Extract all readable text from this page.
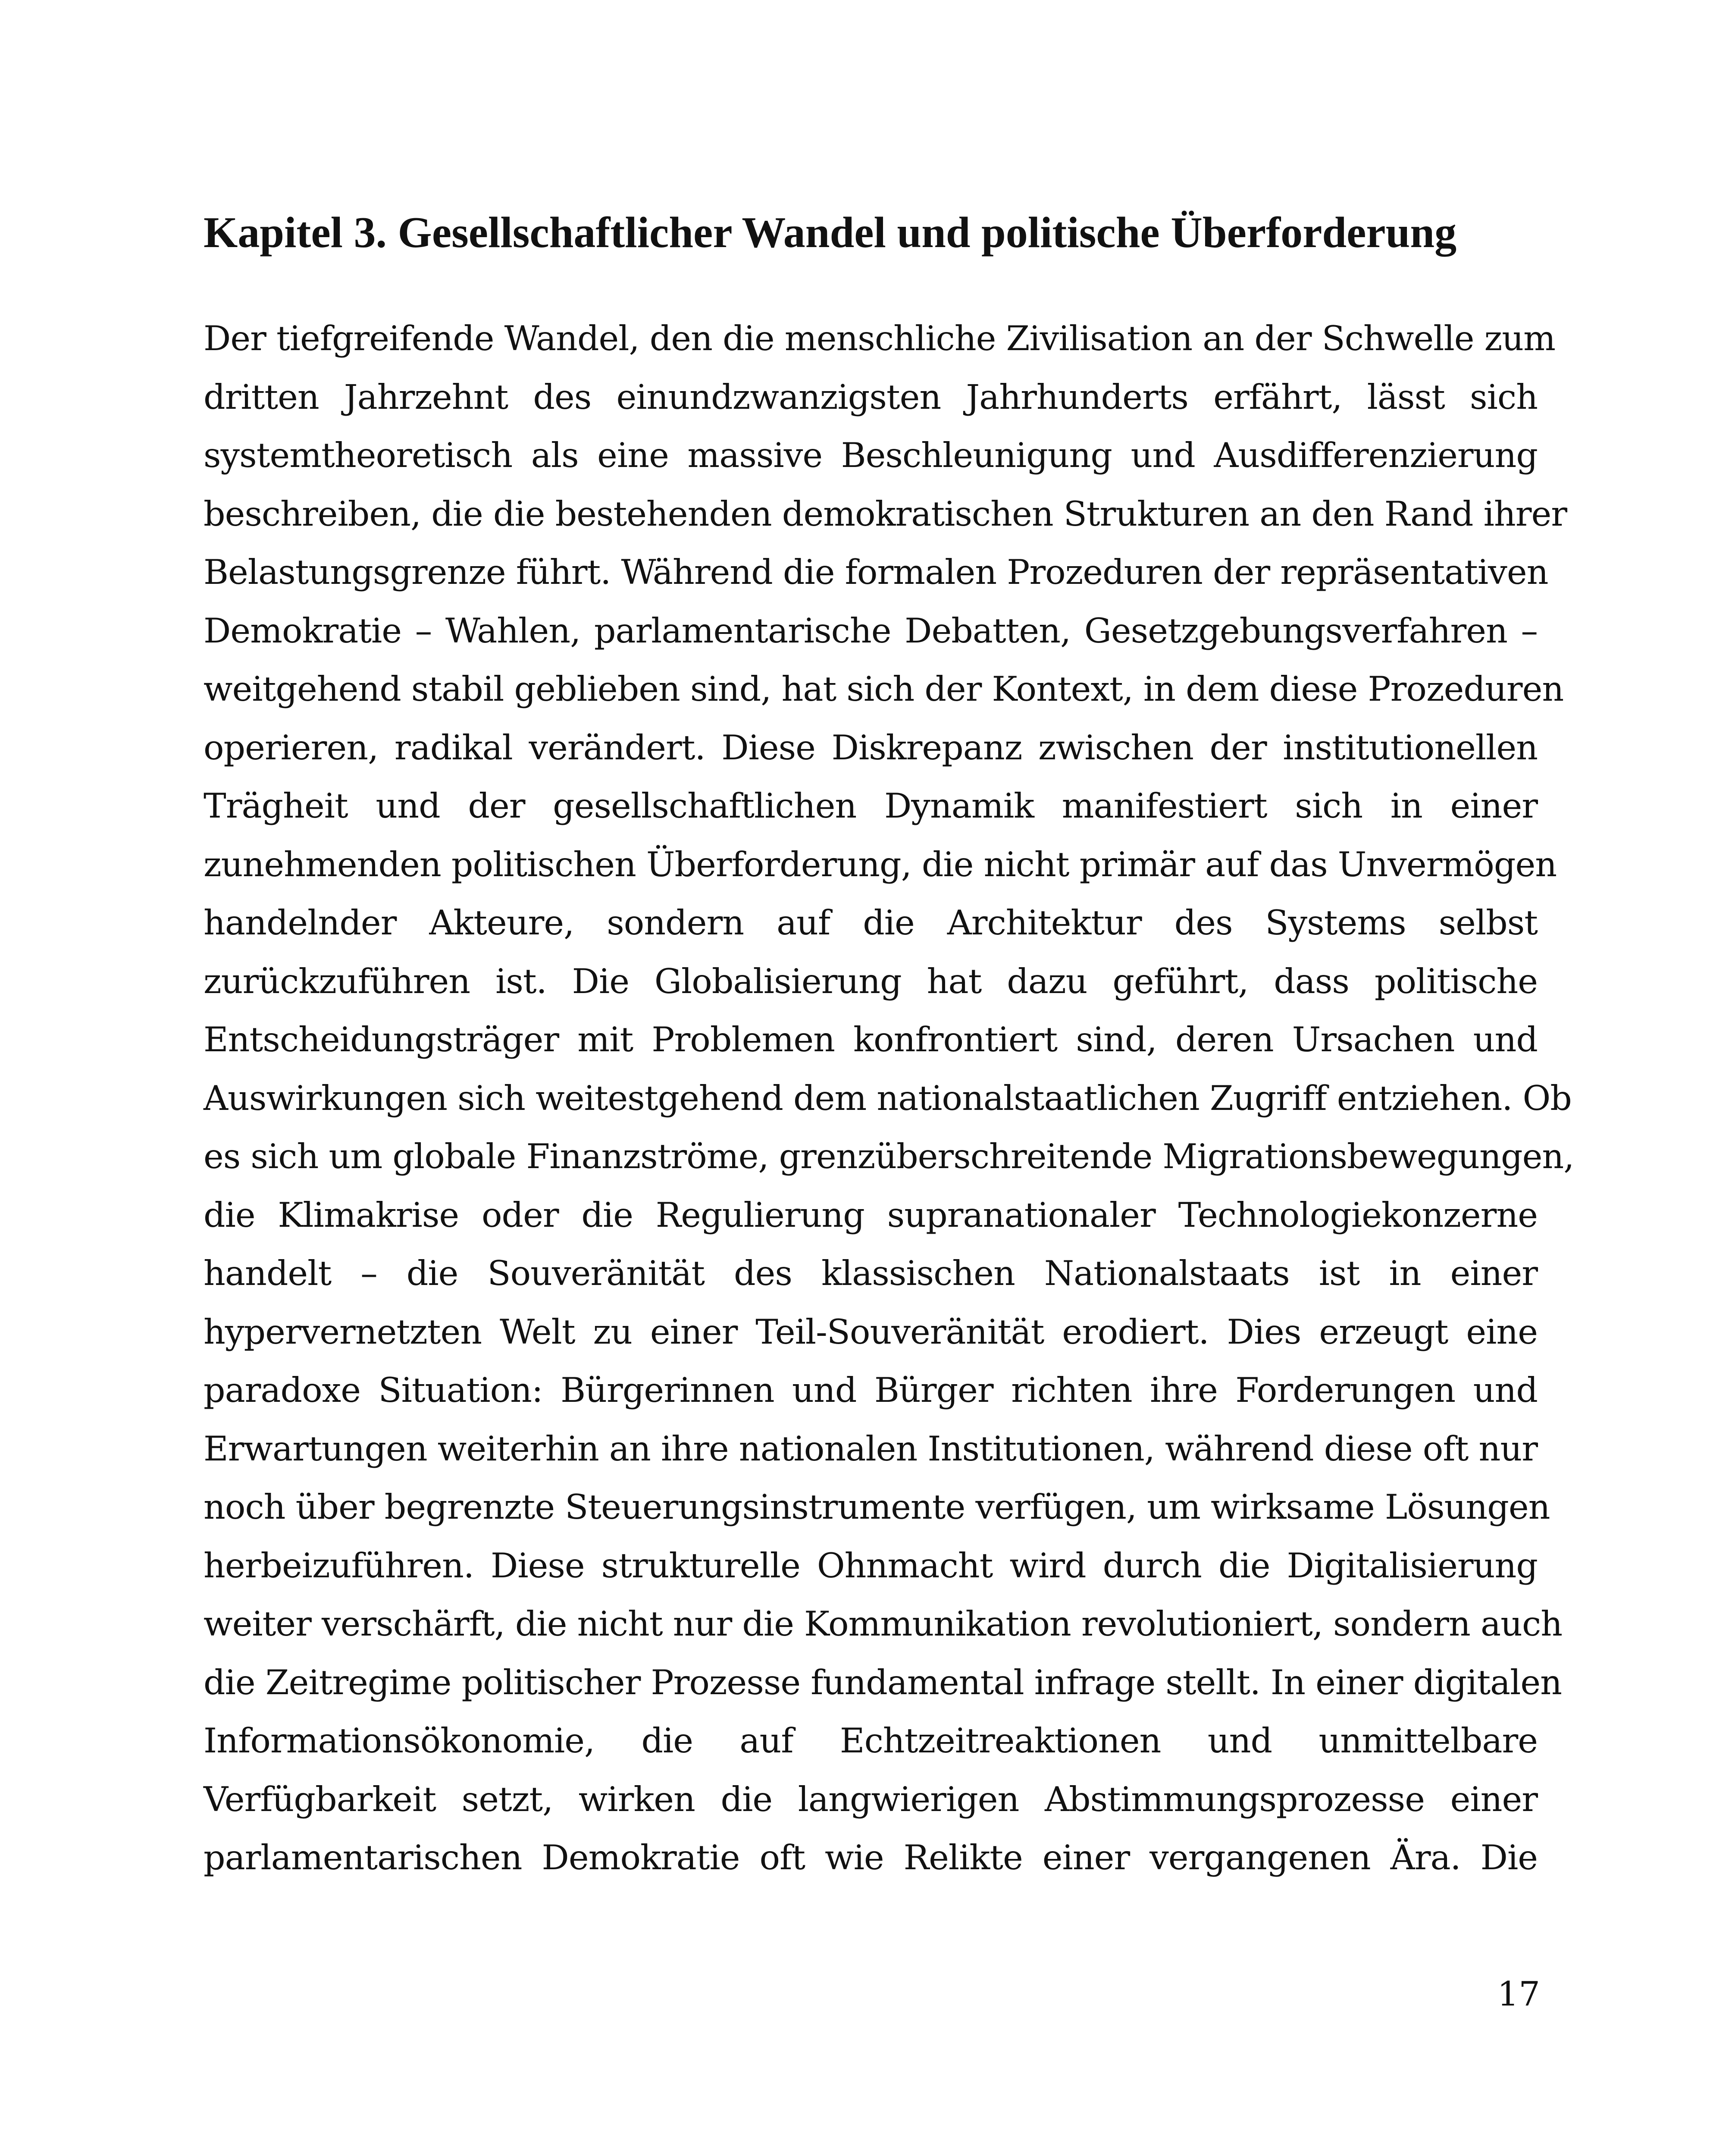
Kapitel 3. Gesellschaftlicher Wandel und politische Überforderung
Der tiefgreifende Wandel, den die menschliche Zivilisation an der Schwelle zum
dritten Jahrzehnt des einundzwanzigsten Jahrhunderts erfährt, lässt sich
systemtheoretisch als eine massive Beschleunigung und Ausdifferenzierung
beschreiben, die die bestehenden demokratischen Strukturen an den Rand ihrer
Belastungsgrenze führt. Während die formalen Prozeduren der repräsentativen
Demokratie – Wahlen, parlamentarische Debatten, Gesetzgebungsverfahren –
weitgehend stabil geblieben sind, hat sich der Kontext, in dem diese Prozeduren
operieren, radikal verändert. Diese Diskrepanz zwischen der institutionellen
Trägheit und der gesellschaftlichen Dynamik manifestiert sich in einer
zunehmenden politischen Überforderung, die nicht primär auf das Unvermögen
handelnder Akteure, sondern auf die Architektur des Systems selbst
zurückzuführen ist. Die Globalisierung hat dazu geführt, dass politische
Entscheidungsträger mit Problemen konfrontiert sind, deren Ursachen und
Auswirkungen sich weitestgehend dem nationalstaatlichen Zugriff entziehen. Ob
es sich um globale Finanzströme, grenzüberschreitende Migrationsbewegungen,
die Klimakrise oder die Regulierung supranationaler Technologiekonzerne
handelt – die Souveränität des klassischen Nationalstaats ist in einer
hypervernetzten Welt zu einer Teil-Souveränität erodiert. Dies erzeugt eine
paradoxe Situation: Bürgerinnen und Bürger richten ihre Forderungen und
Erwartungen weiterhin an ihre nationalen Institutionen, während diese oft nur
noch über begrenzte Steuerungsinstrumente verfügen, um wirksame Lösungen
herbeizuführen. Diese strukturelle Ohnmacht wird durch die Digitalisierung
weiter verschärft, die nicht nur die Kommunikation revolutioniert, sondern auch
die Zeitregime politischer Prozesse fundamental infrage stellt. In einer digitalen
Informationsökonomie, die auf Echtzeitreaktionen und unmittelbare
Verfügbarkeit setzt, wirken die langwierigen Abstimmungsprozesse einer
parlamentarischen Demokratie oft wie Relikte einer vergangenen Ära. Die
17
